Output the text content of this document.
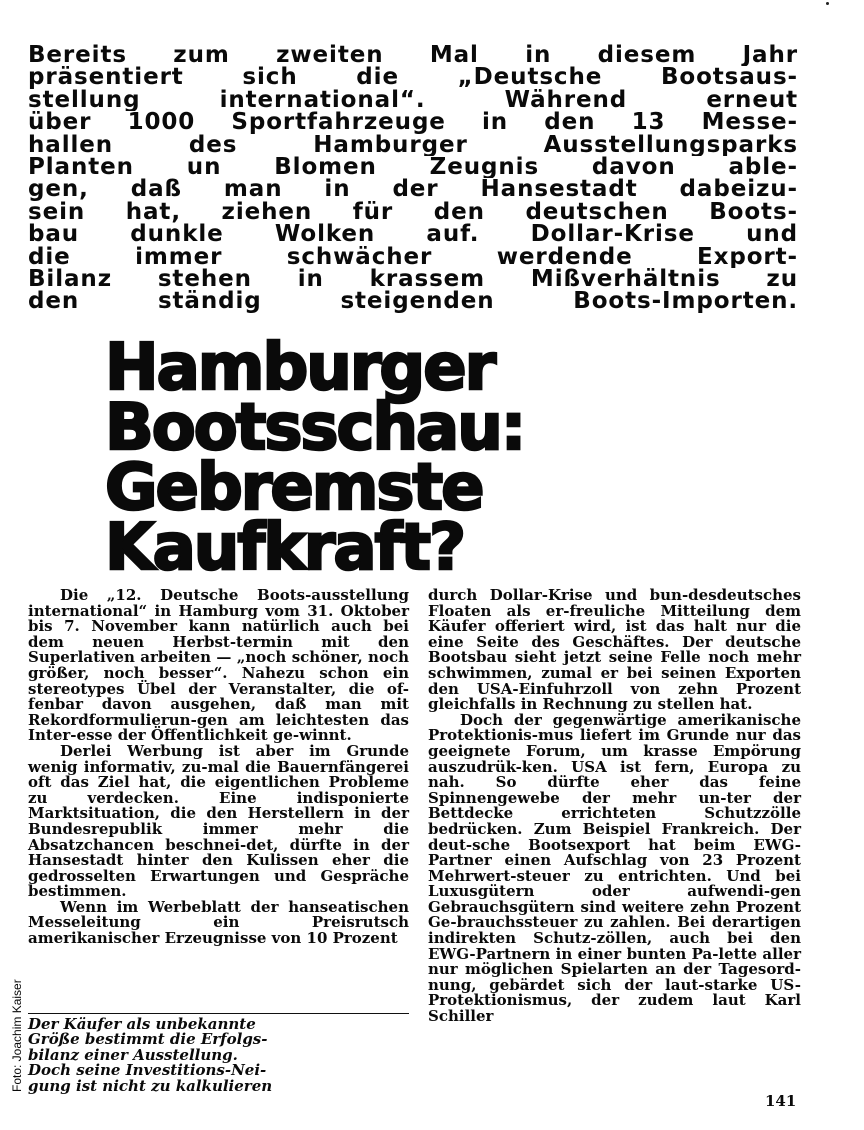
Bereits zum zweiten Mal in diesem Jahr
präsentiert sich die „Deutsche Bootsaus-
stellung international“. Während erneut
über 1000 Sportfahrzeuge in den 13 Messe-
hallen des Hamburger Ausstellungsparks
Planten un Blomen Zeugnis davon able-
gen, daß man in der Hansestadt dabeizu-
sein hat, ziehen für den deutschen Boots-
bau dunkle Wolken auf. Dollar-Krise und
die immer schwächer werdende Export-
Bilanz stehen in krassem Mißverhältnis zu
den ständig steigenden Boots-Importen.
Hamburger
Bootsschau:
Gebremste
Kaufkraft?

Die „12. Deutsche Boots-ausstellung international“ in Hamburg vom 31. Oktober bis 7. November kann natürlich auch bei dem neuen Herbst-termin mit den Superlativen arbeiten — „noch schöner, noch größer, noch besser“. Nahezu schon ein stereotypes Übel der Veranstalter, die of-fenbar davon ausgehen, daß man mit Rekordformulierun-gen am leichtesten das Inter-esse der Öffentlichkeit ge-winnt.

Derlei Werbung ist aber im Grunde wenig informativ, zu-mal die Bauernfängerei oft das Ziel hat, die eigentlichen Probleme zu verdecken. Eine indisponierte Marktsituation, die den Herstellern in der Bundesrepublik immer mehr die Absatzchancen beschnei-det, dürfte in der Hansestadt hinter den Kulissen eher die gedrosselten Erwartungen und Gespräche bestimmen.

Wenn im Werbeblatt der hanseatischen Messeleitung ein Preisrutsch amerikanischer Erzeugnisse von 10 Prozent

Der Käufer als unbekannte
Größe bestimmt die Erfolgs-
bilanz einer Ausstellung.
Doch seine Investitions-Nei-
gung ist nicht zu kalkulieren

durch Dollar-Krise und bun-desdeutsches Floaten als er-freuliche Mitteilung dem Käufer offeriert wird, ist das halt nur die eine Seite des Geschäftes. Der deutsche Bootsbau sieht jetzt seine Felle noch mehr schwimmen, zumal er bei seinen Exporten den USA-Einfuhrzoll von zehn Prozent gleichfalls in Rechnung zu stellen hat.

Doch der gegenwärtige amerikanische Protektionis-mus liefert im Grunde nur das geeignete Forum, um krasse Empörung auszudrük-ken. USA ist fern, Europa zu nah. So dürfte eher das feine Spinnengewebe der mehr un-ter der Bettdecke errichteten Schutzzölle bedrücken. Zum Beispiel Frankreich. Der deut-sche Bootsexport hat beim EWG-Partner einen Aufschlag von 23 Prozent Mehrwert-steuer zu entrichten. Und bei Luxusgütern oder aufwendi-gen Gebrauchsgütern sind weitere zehn Prozent Ge-brauchssteuer zu zahlen. Bei derartigen indirekten Schutz-zöllen, auch bei den EWG-Partnern in einer bunten Pa-lette aller nur möglichen Spielarten an der Tagesord-nung, gebärdet sich der laut-starke US-Protektionismus, der zudem laut Karl Schiller

Foto: Joachim Kaiser
141
